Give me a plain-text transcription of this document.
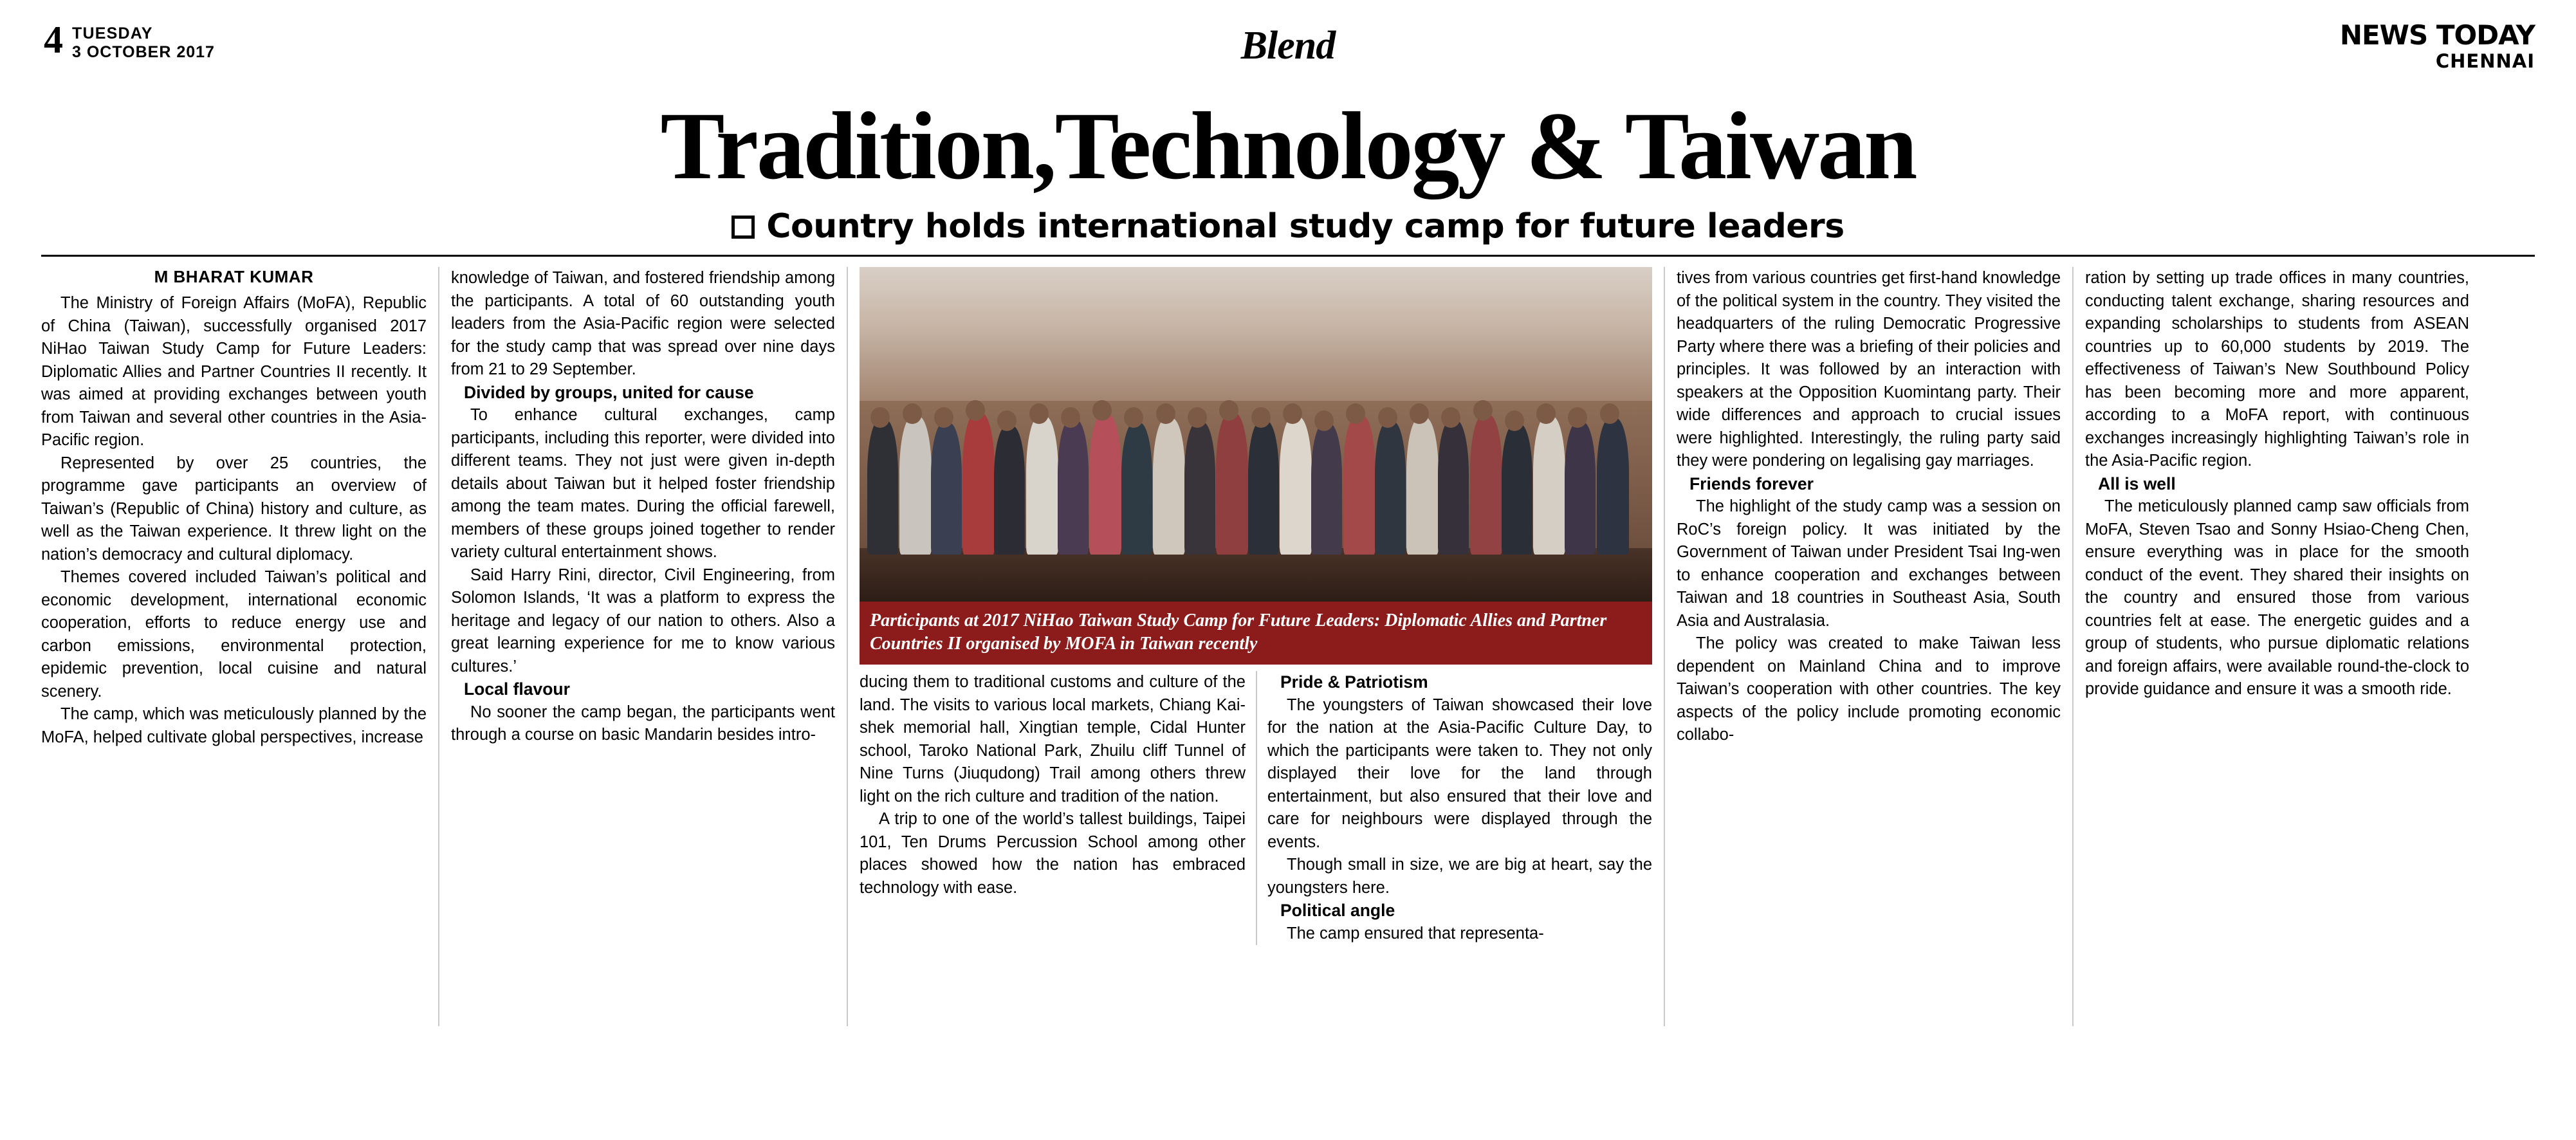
4 TUESDAY
3 OCTOBER 2017	Blend	NEWS TODAY
CHENNAI
Tradition,Technology & Taiwan
Country holds international study camp for future leaders
M BHARAT KUMAR

The Ministry of Foreign Affairs (MoFA), Republic of China (Taiwan), successfully organised 2017 NiHao Taiwan Study Camp for Future Leaders: Diplomatic Allies and Partner Countries II recently. It was aimed at providing exchanges between youth from Taiwan and several other countries in the Asia-Pacific region.

Represented by over 25 countries, the programme gave participants an overview of Taiwan’s (Republic of China) history and culture, as well as the Taiwan experience. It threw light on the nation’s democracy and cultural diplomacy.

Themes covered included Taiwan’s political and economic development, international economic cooperation, efforts to reduce energy use and carbon emissions, environmental protection, epidemic prevention, local cuisine and natural scenery.

The camp, which was meticulously planned by the MoFA, helped cultivate global perspectives, increase

knowledge of Taiwan, and fostered friendship among the participants. A total of 60 outstanding youth leaders from the Asia-Pacific region were selected for the study camp that was spread over nine days from 21 to 29 September.

Divided by groups, united for cause

To enhance cultural exchanges, camp participants, including this reporter, were divided into different teams. They not just were given in-depth details about Taiwan but it helped foster friendship among the team mates. During the official farewell, members of these groups joined together to render variety cultural entertainment shows.

Said Harry Rini, director, Civil Engineering, from Solomon Islands, ‘It was a platform to express the heritage and legacy of our nation to others. Also a great learning experience for me to know various cultures.’

Local flavour

No sooner the camp began, the participants went through a course on basic Mandarin besides intro-

Participants at 2017 NiHao Taiwan Study Camp for Future Leaders: Diplomatic Allies and Partner Countries II organised by MOFA in Taiwan recently

ducing them to traditional customs and culture of the land. The visits to various local markets, Chiang Kai-shek memorial hall, Xingtian temple, Cidal Hunter school, Taroko National Park, Zhuilu cliff Tunnel of Nine Turns (Jiuqudong) Trail among others threw light on the rich culture and tradition of the nation.

A trip to one of the world’s tallest buildings, Taipei 101, Ten Drums Percussion School among other places showed how the nation has embraced technology with ease.

Pride & Patriotism

The youngsters of Taiwan showcased their love for the nation at the Asia-Pacific Culture Day, to which the participants were taken to. They not only displayed their love for the land through entertainment, but also ensured that their love and care for neighbours were displayed through the events.

Though small in size, we are big at heart, say the youngsters here.

Political angle

The camp ensured that representa-

tives from various countries get first-hand knowledge of the political system in the country. They visited the headquarters of the ruling Democratic Progressive Party where there was a briefing of their policies and principles. It was followed by an interaction with speakers at the Opposition Kuomintang party. Their wide differences and approach to crucial issues were highlighted. Interestingly, the ruling party said they were pondering on legalising gay marriages.

Friends forever

The highlight of the study camp was a session on RoC’s foreign policy. It was initiated by the Government of Taiwan under President Tsai Ing-wen to enhance cooperation and exchanges between Taiwan and 18 countries in Southeast Asia, South Asia and Australasia.

The policy was created to make Taiwan less dependent on Mainland China and to improve Taiwan’s cooperation with other countries. The key aspects of the policy include promoting economic collabo-

ration by setting up trade offices in many countries, conducting talent exchange, sharing resources and expanding scholarships to students from ASEAN countries up to 60,000 students by 2019. The effectiveness of Taiwan’s New Southbound Policy has been becoming more and more apparent, according to a MoFA report, with continuous exchanges increasingly highlighting Taiwan’s role in the Asia-Pacific region.

All is well

The meticulously planned camp saw officials from MoFA, Steven Tsao and Sonny Hsiao-Cheng Chen, ensure everything was in place for the smooth conduct of the event. They shared their insights on the country and ensured those from various countries felt at ease. The energetic guides and a group of students, who pursue diplomatic relations and foreign affairs, were available round-the-clock to provide guidance and ensure it was a smooth ride.
